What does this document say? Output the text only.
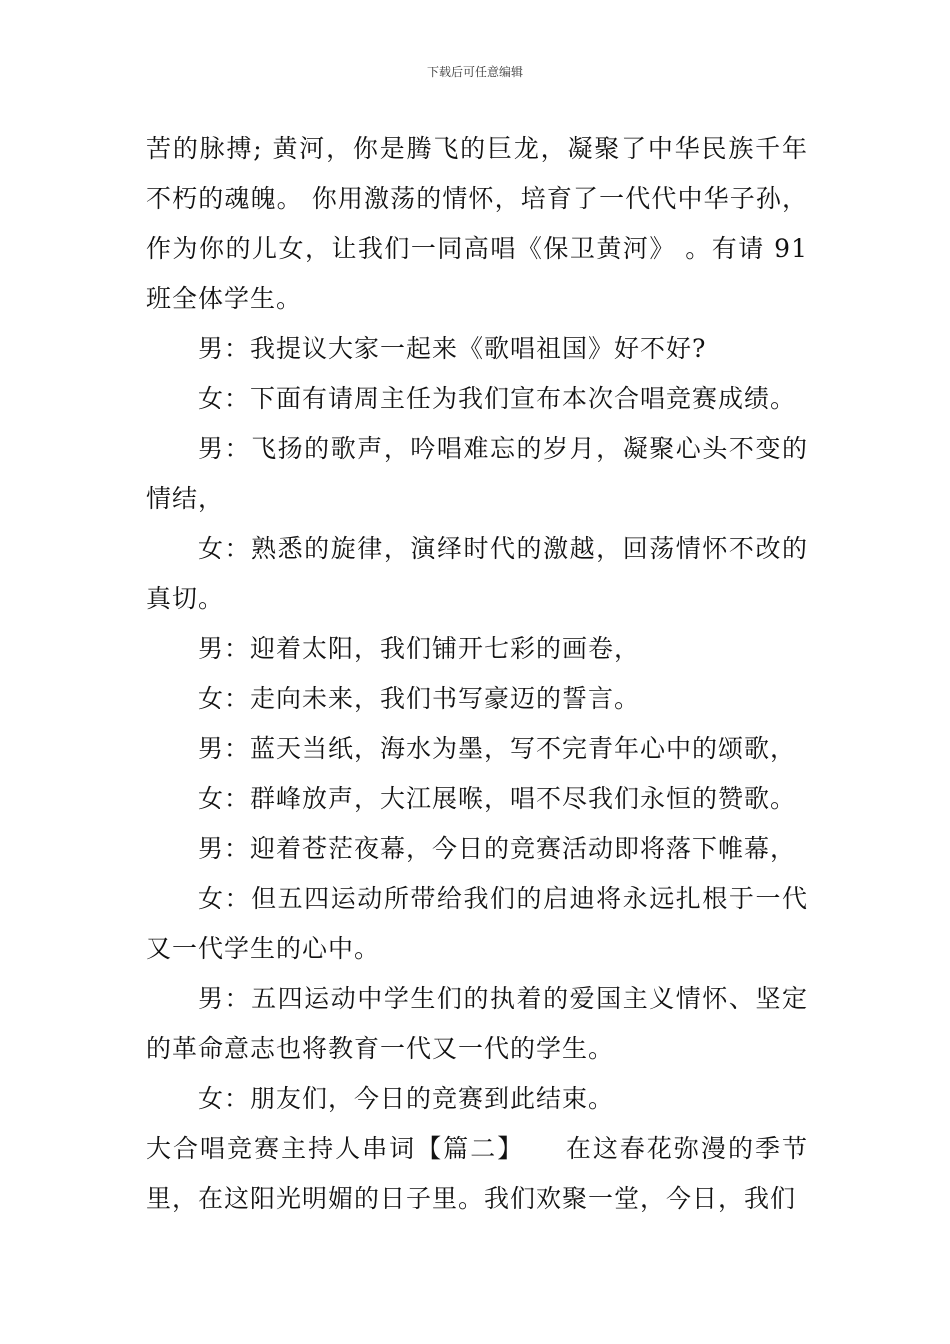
下载后可任意编辑

苦的脉搏; 黄河，你是腾飞的巨龙，凝聚了中华民族千年不朽的魂魄。 你用激荡的情怀，培育了一代代中华子孙，作为你的儿女，让我们一同高唱《保卫黄河》 。有请 91 班全体学生。

男：我提议大家一起来《歌唱祖国》好不好?

女：下面有请周主任为我们宣布本次合唱竞赛成绩。

男：飞扬的歌声，吟唱难忘的岁月，凝聚心头不变的情结，

女：熟悉的旋律，演绎时代的激越，回荡情怀不改的真切。

男：迎着太阳，我们铺开七彩的画卷，

女：走向未来，我们书写豪迈的誓言。

男：蓝天当纸，海水为墨，写不完青年心中的颂歌，

女：群峰放声，大江展喉，唱不尽我们永恒的赞歌。

男：迎着苍茫夜幕，今日的竞赛活动即将落下帷幕，

女：但五四运动所带给我们的启迪将永远扎根于一代又一代学生的心中。

男：五四运动中学生们的执着的爱国主义情怀、坚定的革命意志也将教育一代又一代的学生。

女：朋友们，今日的竞赛到此结束。

大合唱竞赛主持人串词【篇二】　　在这春花弥漫的季节里，在这阳光明媚的日子里。我们欢聚一堂，今日，我们
